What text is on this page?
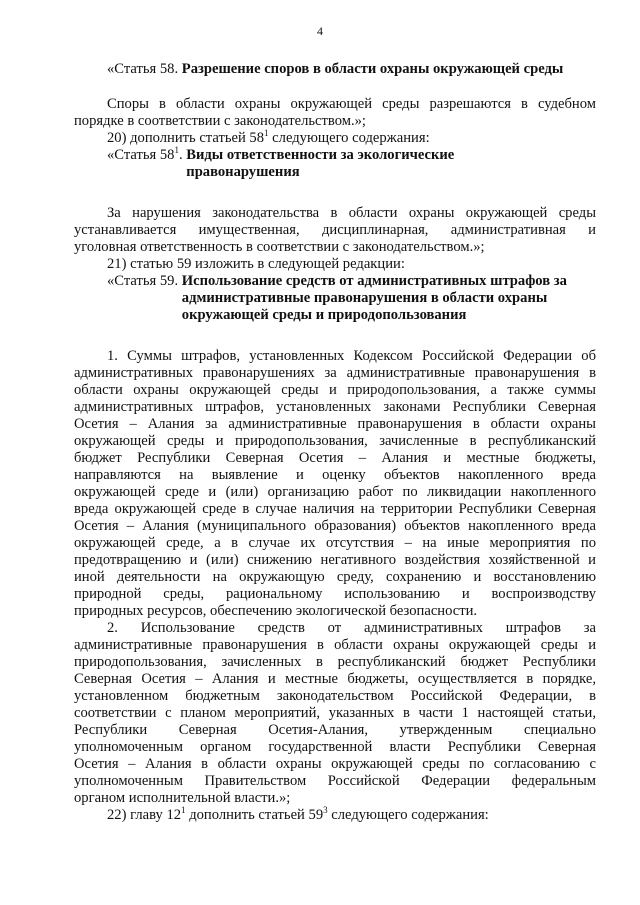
4

«Статья 58. Разрешение споров в области охраны окружающей среды

Споры в области охраны окружающей среды разрешаются в судебном

порядке в соответствии с законодательством.»;

20) дополнить статьей $58^1$ следующего содержания:

«Статья $58^1$. Виды ответственности за экологические

правонарушения

За нарушения законодательства в области охраны окружающей среды

устанавливается имущественная, дисциплинарная, административная и

уголовная ответственность в соответствии с законодательством.»;

21) статью 59 изложить в следующей редакции:

«Статья 59. Использование средств от административных штрафов за

административные правонарушения в области охраны

окружающей среды и природопользования

1. Суммы штрафов, установленных Кодексом Российской Федерации об

административных правонарушениях за административные правонарушения в

области охраны окружающей среды и природопользования, а также суммы

административных штрафов, установленных законами Республики Северная

Осетия – Алания за административные правонарушения в области охраны

окружающей среды и природопользования, зачисленные в республиканский

бюджет Республики Северная Осетия – Алания и местные бюджеты,

направляются на выявление и оценку объектов накопленного вреда

окружающей среде и (или) организацию работ по ликвидации накопленного

вреда окружающей среде в случае наличия на территории Республики Северная

Осетия – Алания (муниципального образования) объектов накопленного вреда

окружающей среде, а в случае их отсутствия – на иные мероприятия по

предотвращению и (или) снижению негативного воздействия хозяйственной и

иной деятельности на окружающую среду, сохранению и восстановлению

природной среды, рациональному использованию и воспроизводству

природных ресурсов, обеспечению экологической безопасности.

2. Использование средств от административных штрафов за

административные правонарушения в области охраны окружающей среды и

природопользования, зачисленных в республиканский бюджет Республики

Северная Осетия – Алания и местные бюджеты, осуществляется в порядке,

установленном бюджетным законодательством Российской Федерации, в

соответствии с планом мероприятий, указанных в части 1 настоящей статьи,

Республики Северная Осетия-Алания, утвержденным специально

уполномоченным органом государственной власти Республики Северная

Осетия – Алания в области охраны окружающей среды по согласованию с

уполномоченным Правительством Российской Федерации федеральным

органом исполнительной власти.»;

22) главу $12^1$ дополнить статьей $59^3$ следующего содержания:
